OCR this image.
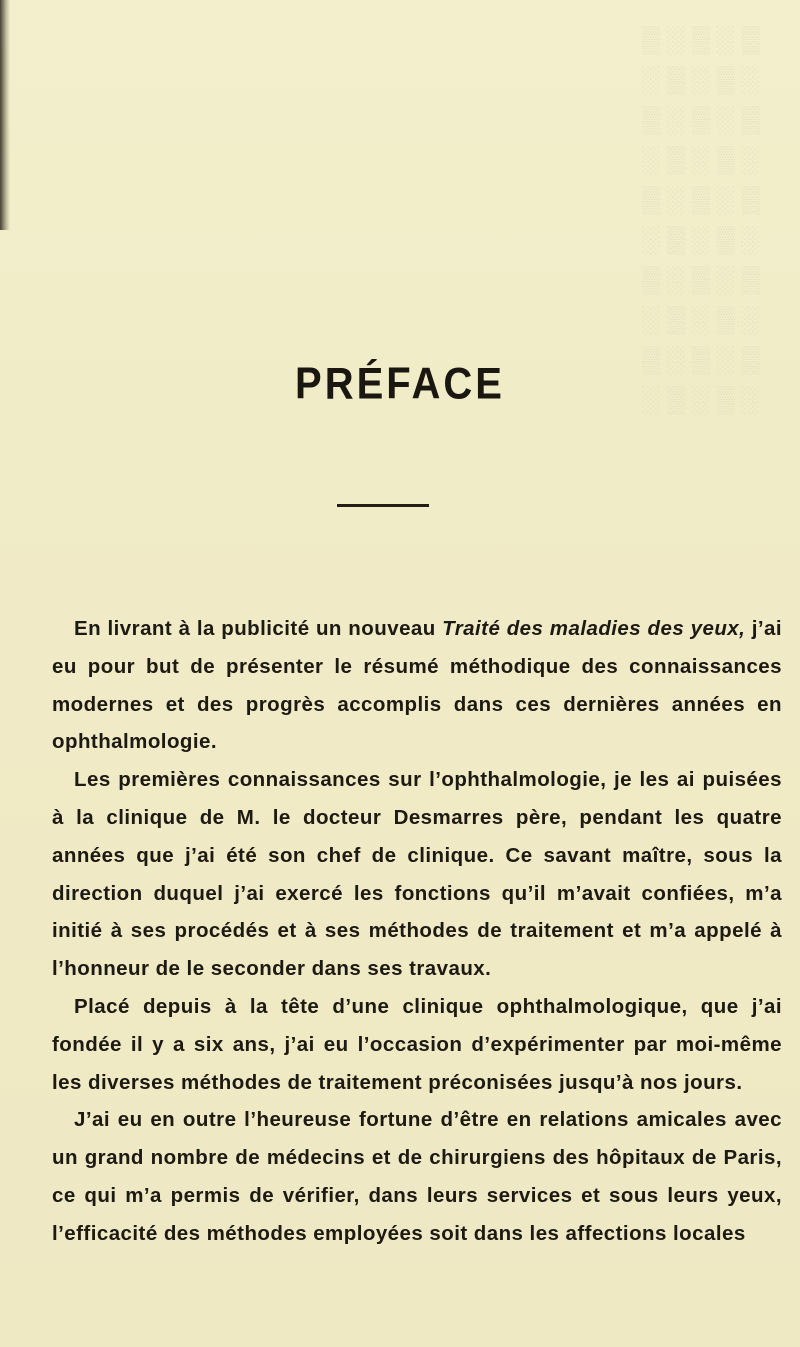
▒ ░ ▒ ░ ▒
░ ▒ ░ ▒ ░
▒ ░ ▒ ░ ▒
░ ▒ ░ ▒ ░
▒ ░ ▒ ░ ▒
░ ▒ ░ ▒ ░
▒ ░ ▒ ░ ▒
░ ▒ ░ ▒ ░
▒ ░ ▒ ░ ▒
░ ▒ ░ ▒ ░
PRÉFACE

En livrant à la publicité un nouveau Traité des maladies des yeux, j’ai eu pour but de présenter le résumé méthodique des connaissances modernes et des progrès accomplis dans ces dernières années en ophthalmologie.

Les premières connaissances sur l’ophthalmologie, je les ai puisées à la clinique de M. le docteur Desmarres père, pendant les quatre années que j’ai été son chef de clinique. Ce savant maître, sous la direction duquel j’ai exercé les fonctions qu’il m’avait confiées, m’a initié à ses procédés et à ses méthodes de traitement et m’a appelé à l’honneur de le seconder dans ses travaux.

Placé depuis à la tête d’une clinique ophthalmologique, que j’ai fondée il y a six ans, j’ai eu l’occasion d’expérimenter par moi-même les diverses méthodes de traitement préconisées jusqu’à nos jours.

J’ai eu en outre l’heureuse fortune d’être en relations amicales avec un grand nombre de médecins et de chirurgiens des hôpitaux de Paris, ce qui m’a permis de vérifier, dans leurs services et sous leurs yeux, l’efficacité des méthodes employées soit dans les affections locales
